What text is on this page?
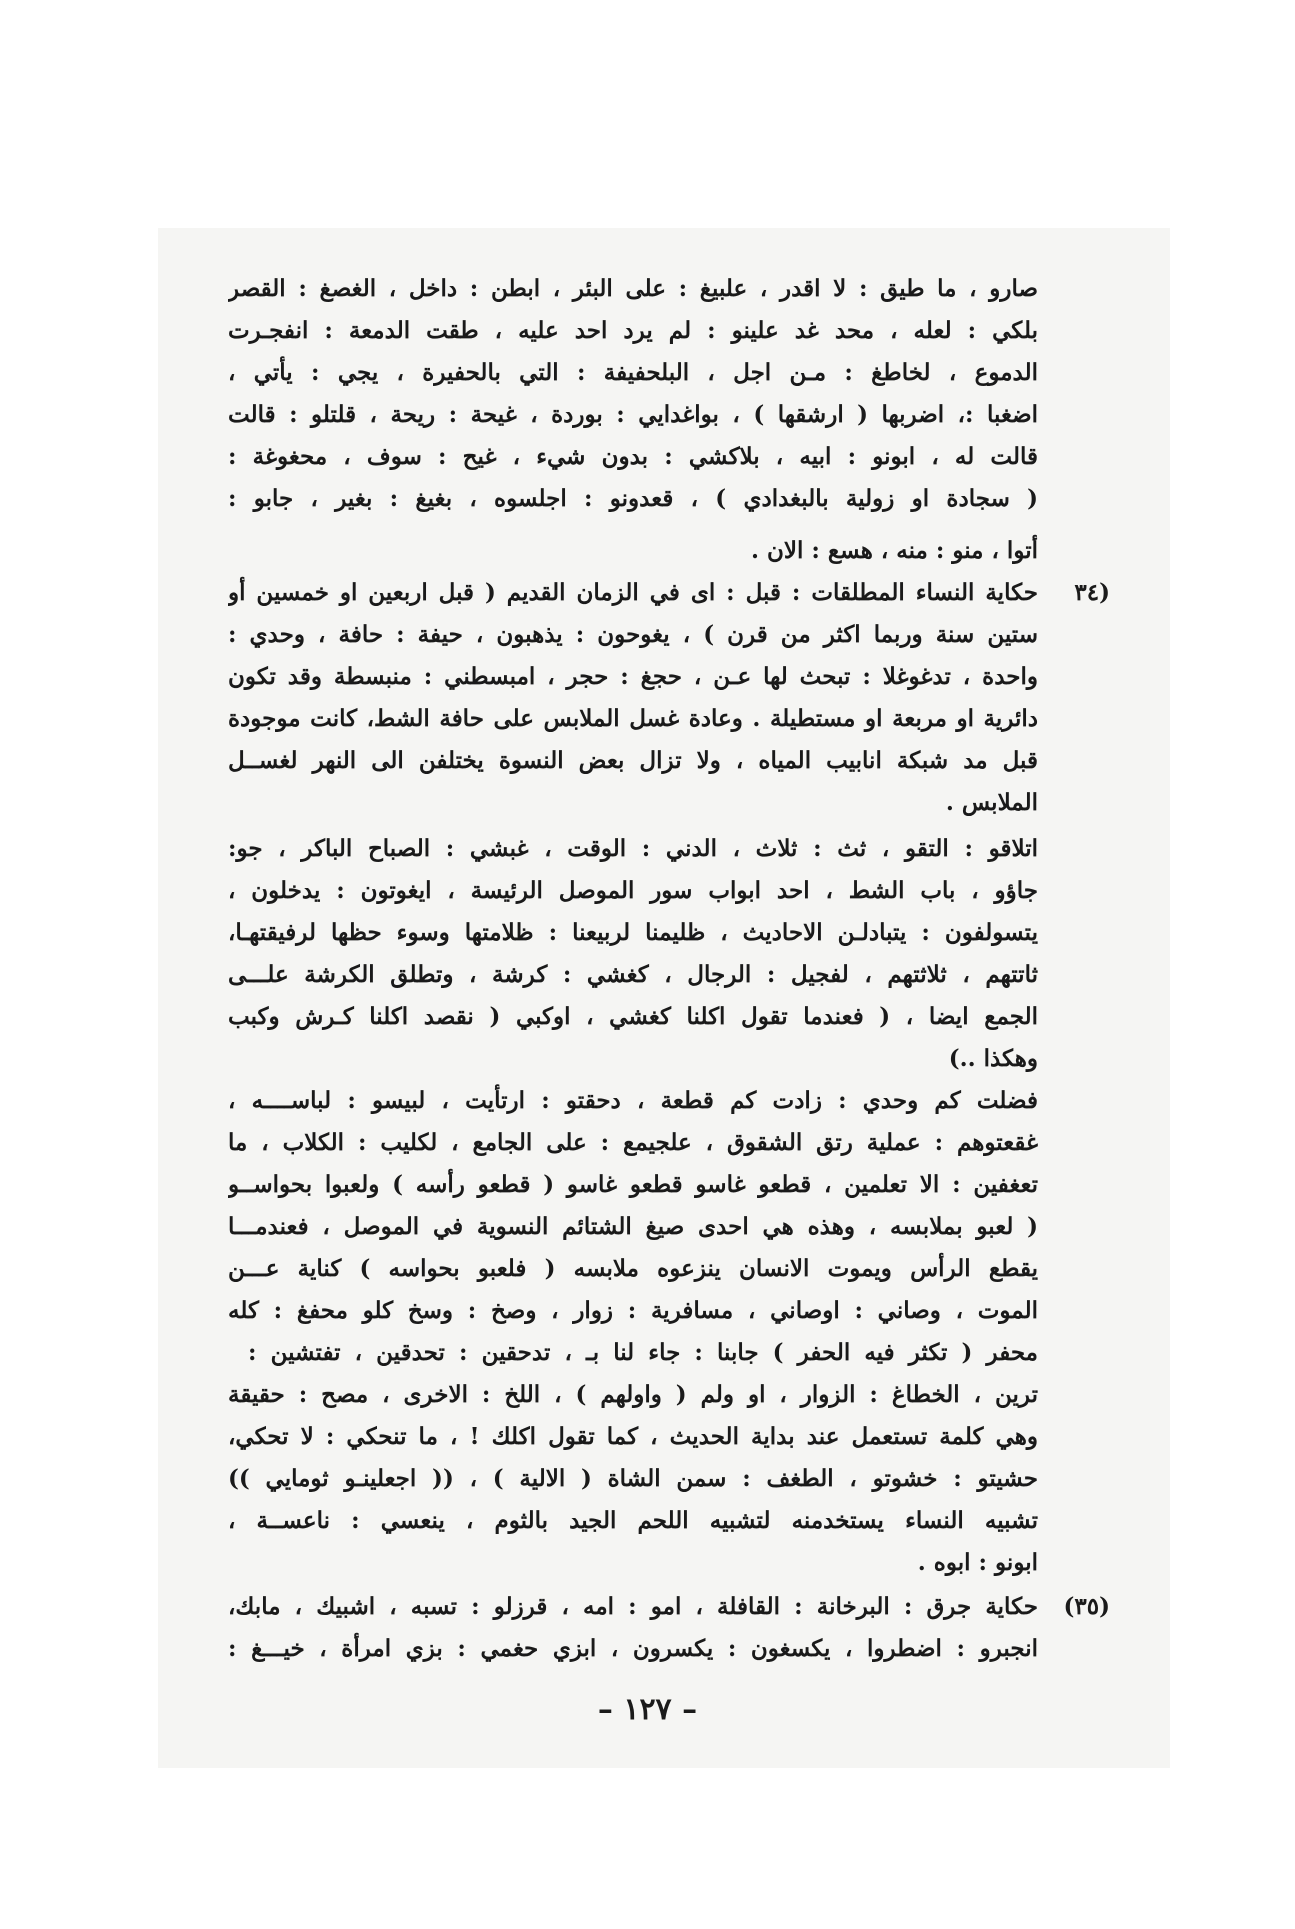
صارو ، ما طيق : لا اقدر ، علبيغ : على البئر ، ابطن : داخل ، الغصغ : القصر
بلكي : لعله ، محد غد علينو : لم يرد احد عليه ، طقت الدمعة : انفجـرت
الدموع ، لخاطغ : مـن اجل ، البلحفيفة : التي بالحفيرة ، يجي : يأتي ،
اضغبا :، اضربها ( ارشقها ) ، بواغدايي : بوردة ، غيحة : ريحة ، قلتلو : قالت
قالت له ، ابونو : ابيه ، بلاكشي : بدون شيء ، غيح : سوف ، محغوغة :
( سجادة او زولية بالبغدادي ) ، قعدونو : اجلسوه ، بغيغ : بغير ، جابو :
أتوا ، منو : منه ، هسع : الان .
(٣٤
حكاية النساء المطلقات : قبل : اى في الزمان القديم ( قبل اربعين او خمسين أو
ستين سنة وربما اكثر من قرن ) ، يغوحون : يذهبون ، حيفة : حافة ، وحدي :
واحدة ، تدغوغلا : تبحث لها عـن ، حجغ : حجر ، امبسطني : منبسطة وقد تكون
دائرية او مربعة او مستطيلة . وعادة غسل الملابس على حافة الشط، كانت موجودة
قبل مد شبكة انابيب المياه ، ولا تزال بعض النسوة يختلفن الى النهر لغســل
الملابس .
اتلاقو : التقو ، ثث : ثلاث ، الدني : الوقت ، غبشي : الصباح الباكر ، جو:
جاؤو ، باب الشط ، احد ابواب سور الموصل الرئيسة ، ايغوتون : يدخلون ،
يتسولفون : يتبادلـن الاحاديث ، ظليمنا لربيعنا : ظلامتها وسوء حظها لرفيقتهـا،
ثاتتهم ، ثلاثتهم ، لفجيل : الرجال ، كغشي : كرشة ، وتطلق الكرشة علـــى
الجمع ايضا ، ( فعندما تقول اكلنا كغشي ، اوكبي ( نقصد اكلنا كـرش وكبب
وهكذا ..)
فضلت كم وحدي : زادت كم قطعة ، دحقتو : ارتأيت ، لبيسو : لباســــه ،
غقعتوهم : عملية رتق الشقوق ، علجيمع : على الجامع ، لكليب : الكلاب ، ما
تعغفين : الا تعلمين ، قطعو غاسو قطعو غاسو ( قطعو رأسه ) ولعبوا بحواســو
( لعبو بملابسه ، وهذه هي احدى صيغ الشتائم النسوية في الموصل ، فعندمـــا
يقطع الرأس ويموت الانسان ينزعوه ملابسه ( فلعبو بحواسه ) كناية عـــن
الموت ، وصاني : اوصاني ، مسافرية : زوار ، وصخ : وسخ كلو محفغ : كله
محفر ( تكثر فيه الحفر ) جابنا : جاء لنا بـ ، تدحقين : تحدقين ، تفتشين :
ترين ، الخطاغ : الزوار ، او ولم ( واولهم ) ، اللخ : الاخرى ، مصح : حقيقة
وهي كلمة تستعمل عند بداية الحديث ، كما تقول اكلك ! ، ما تنحكي : لا تحكي،
حشيتو : خشوتو ، الطغف : سمن الشاة ( الالية ) ، (( اجعلينـو ثومايي ))
تشبيه النساء يستخدمنه لتشبيه اللحم الجيد بالثوم ، ينعسي : ناعســة ،
ابونو : ابوه .
(٣٥)
حكاية جرق : البرخانة : القافلة ، امو : امه ، قرزلو : تسبه ، اشبيك ، مابك،
انجبرو : اضطروا ، يكسغون : يكسرون ، ابزي حغمي : بزي امرأة ، خيـــغ :
– ١٢٧ –
